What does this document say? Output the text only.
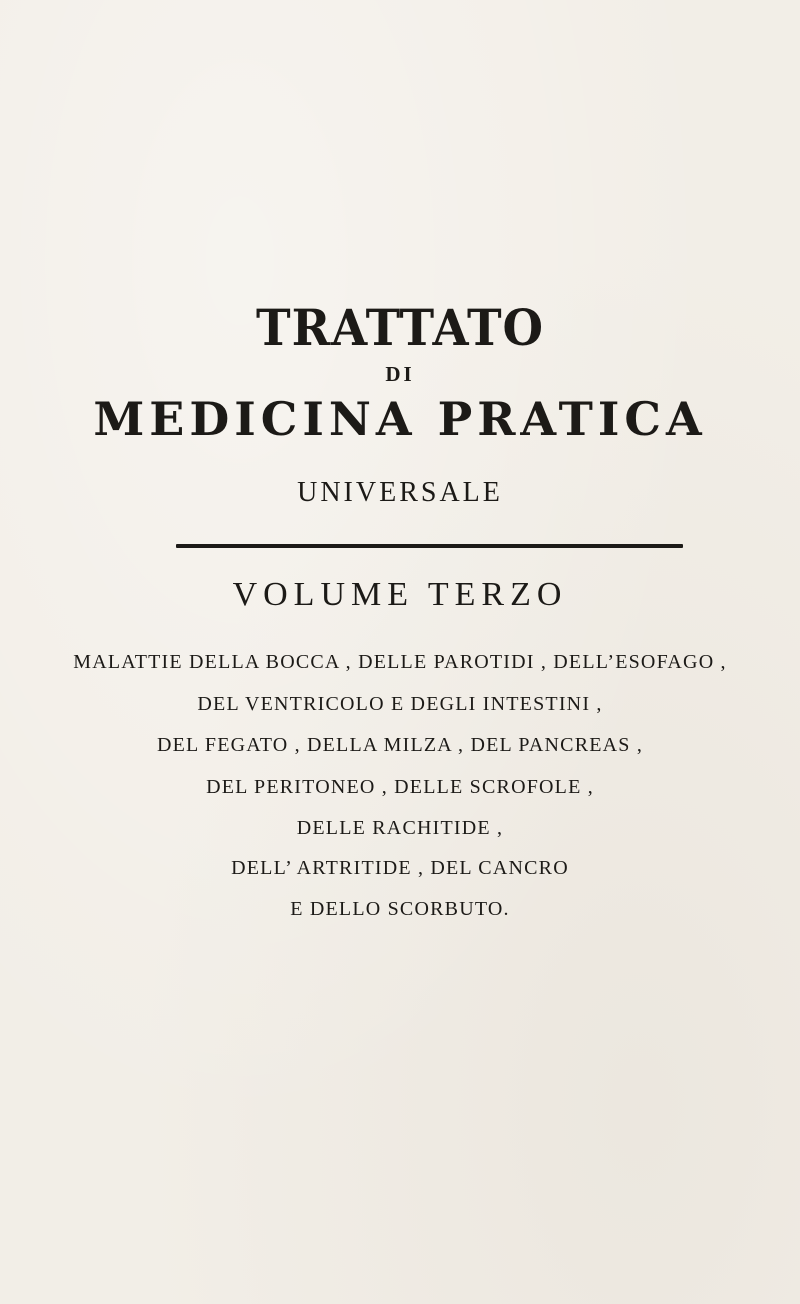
TRATTATO
DI
MEDICINA PRATICA
UNIVERSALE
VOLUME TERZO
MALATTIE DELLA BOCCA , DELLE PAROTIDI , DELL’ESOFAGO ,
DEL VENTRICOLO E DEGLI INTESTINI ,
DEL FEGATO , DELLA MILZA , DEL PANCREAS ,
DEL PERITONEO , DELLE SCROFOLE ,
DELLE RACHITIDE ,
DELL’ ARTRITIDE , DEL CANCRO
E DELLO SCORBUTO.
